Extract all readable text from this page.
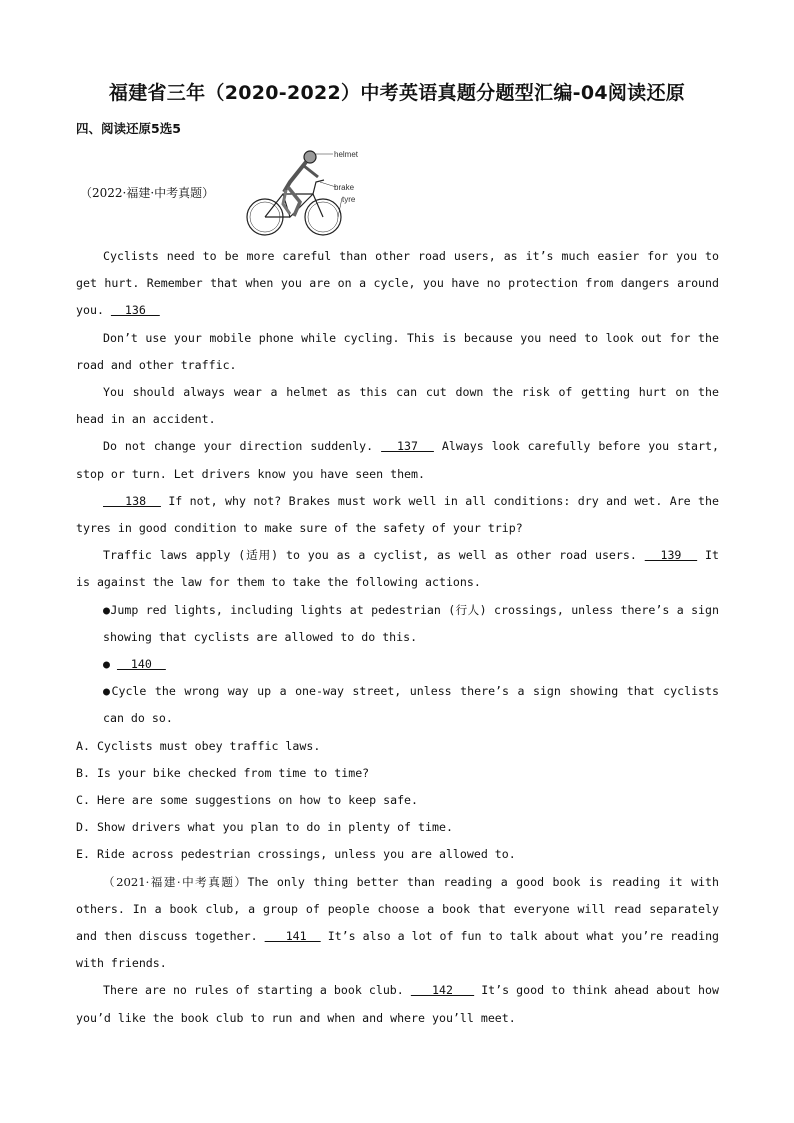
福建省三年（2020-2022）中考英语真题分题型汇编-04阅读还原
四、阅读还原5选5
（2022·福建·中考真题）
helmet
brake
tyre

Cyclists need to be more careful than other road users, as it’s much easier for you to get hurt. Remember that when you are on a cycle, you have no protection from dangers around you.   136

Don’t use your mobile phone while cycling. This is because you need to look out for the road and other traffic.

You should always wear a helmet as this can cut down the risk of getting hurt on the head in an accident.

Do not change your direction suddenly.   137   Always look carefully before you start, stop or turn. Let drivers know you have seen them.

138   If not, why not? Brakes must work well in all conditions: dry and wet. Are the tyres in good condition to make sure of the safety of your trip?

Traffic laws apply (适用) to you as a cyclist, as well as other road users.   139   It is against the law for them to take the following actions.

●Jump red lights, including lights at pedestrian (行人) crossings, unless there’s a sign showing that cyclists are allowed to do this.

●   140

●Cycle the wrong way up a one-way street, unless there’s a sign showing that cyclists can do so.

A. Cyclists must obey traffic laws.

B. Is your bike checked from time to time?

C. Here are some suggestions on how to keep safe.

D. Show drivers what you plan to do in plenty of time.

E. Ride across pedestrian crossings, unless you are allowed to.

（2021·福建·中考真题）The only thing better than reading a good book is reading it with others. In a book club, a group of people choose a book that everyone will read separately and then discuss together.    141   It’s also a lot of fun to talk about what you’re reading with friends.

There are no rules of starting a book club.    142    It’s good to think ahead about how you’d like the book club to run and when and where you’ll meet.
